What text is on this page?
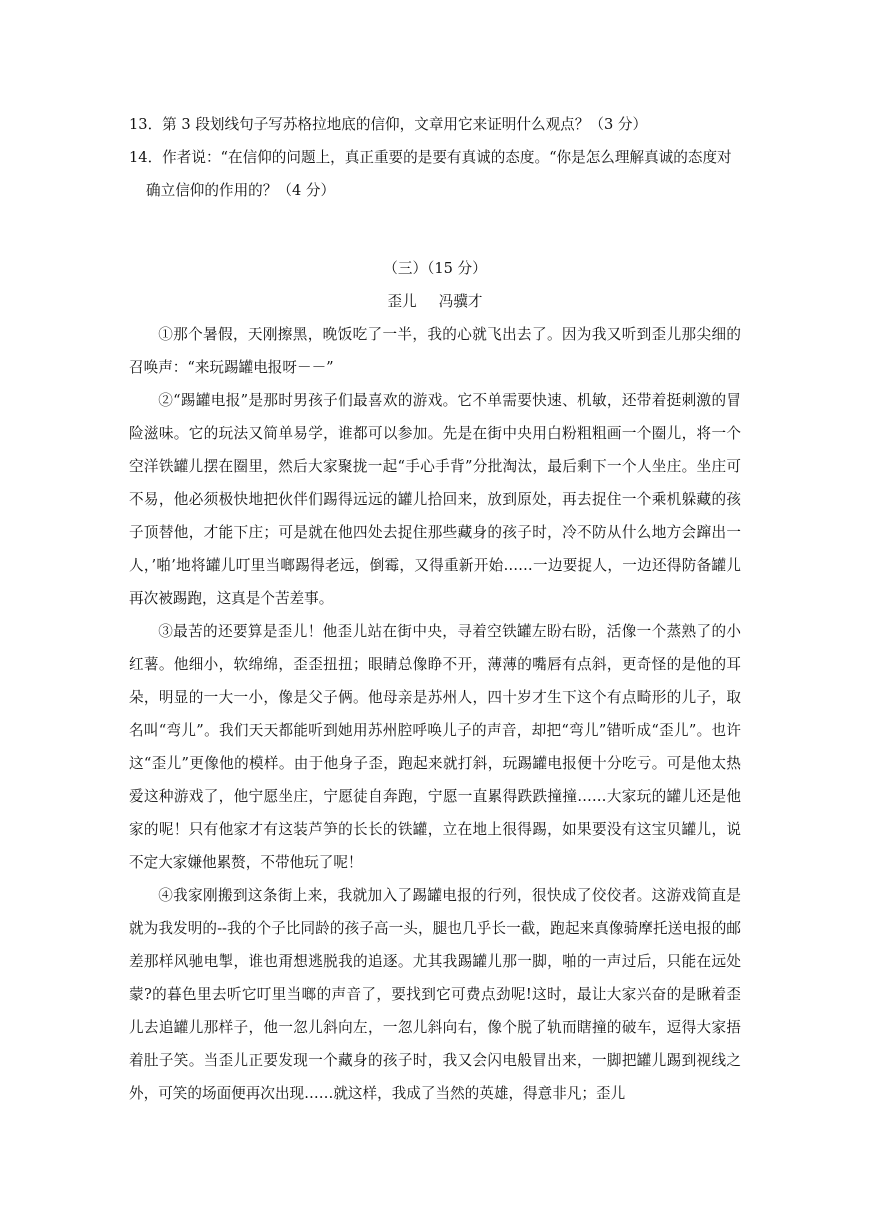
13．第 3 段划线句子写苏格拉地底的信仰，文章用它来证明什么观点？（3 分）

14．作者说：“在信仰的问题上，真正重要的是要有真诚的态度。“你是怎么理解真诚的态度对确立信仰的作用的？（4 分）

（三）（15 分）

歪儿 冯骥才

①那个暑假，天刚擦黑，晚饭吃了一半，我的心就飞出去了。因为我又听到歪儿那尖细的召唤声：“来玩踢罐电报呀－－”

②“踢罐电报”是那时男孩子们最喜欢的游戏。它不单需要快速、机敏，还带着挺刺激的冒险滋味。它的玩法又简单易学，谁都可以参加。先是在街中央用白粉粗粗画一个圈儿，将一个空洋铁罐儿摆在圈里，然后大家聚拢一起“手心手背”分批淘汰，最后剩下一个人坐庄。坐庄可不易，他必须极快地把伙伴们踢得远远的罐儿拾回来，放到原处，再去捉住一个乘机躲藏的孩子顶替他，才能下庄；可是就在他四处去捉住那些藏身的孩子时，冷不防从什么地方会蹿出一人，’啪’地将罐儿叮里当啷踢得老远，倒霉，又得重新开始……一边要捉人，一边还得防备罐儿再次被踢跑，这真是个苦差事。

③最苦的还要算是歪儿！他歪儿站在街中央，寻着空铁罐左盼右盼，活像一个蒸熟了的小红薯。他细小，软绵绵，歪歪扭扭；眼睛总像睁不开，薄薄的嘴唇有点斜，更奇怪的是他的耳朵，明显的一大一小，像是父子俩。他母亲是苏州人，四十岁才生下这个有点畸形的儿子，取名叫“弯儿”。我们天天都能听到她用苏州腔呼唤儿子的声音，却把“弯儿”错听成“歪儿”。也许这“歪儿”更像他的模样。由于他身子歪，跑起来就打斜，玩踢罐电报便十分吃亏。可是他太热爱这种游戏了，他宁愿坐庄，宁愿徒自奔跑，宁愿一直累得跌跌撞撞……大家玩的罐儿还是他家的呢！只有他家才有这装芦笋的长长的铁罐，立在地上很得踢，如果要没有这宝贝罐儿，说不定大家嫌他累赘，不带他玩了呢！

④我家刚搬到这条街上来，我就加入了踢罐电报的行列，很快成了佼佼者。这游戏简直是就为我发明的--我的个子比同龄的孩子高一头，腿也几乎长一截，跑起来真像骑摩托送电报的邮差那样风驰电掣，谁也甭想逃脱我的追逐。尤其我踢罐儿那一脚，啪的一声过后，只能在远处蒙?的暮色里去听它叮里当啷的声音了，要找到它可费点劲呢!这时，最让大家兴奋的是瞅着歪儿去追罐儿那样子，他一忽儿斜向左，一忽儿斜向右，像个脱了轨而瞎撞的破车，逗得大家捂着肚子笑。当歪儿正要发现一个藏身的孩子时，我又会闪电般冒出来，一脚把罐儿踢到视线之外，可笑的场面便再次出现……就这样，我成了当然的英雄，得意非凡；歪儿
